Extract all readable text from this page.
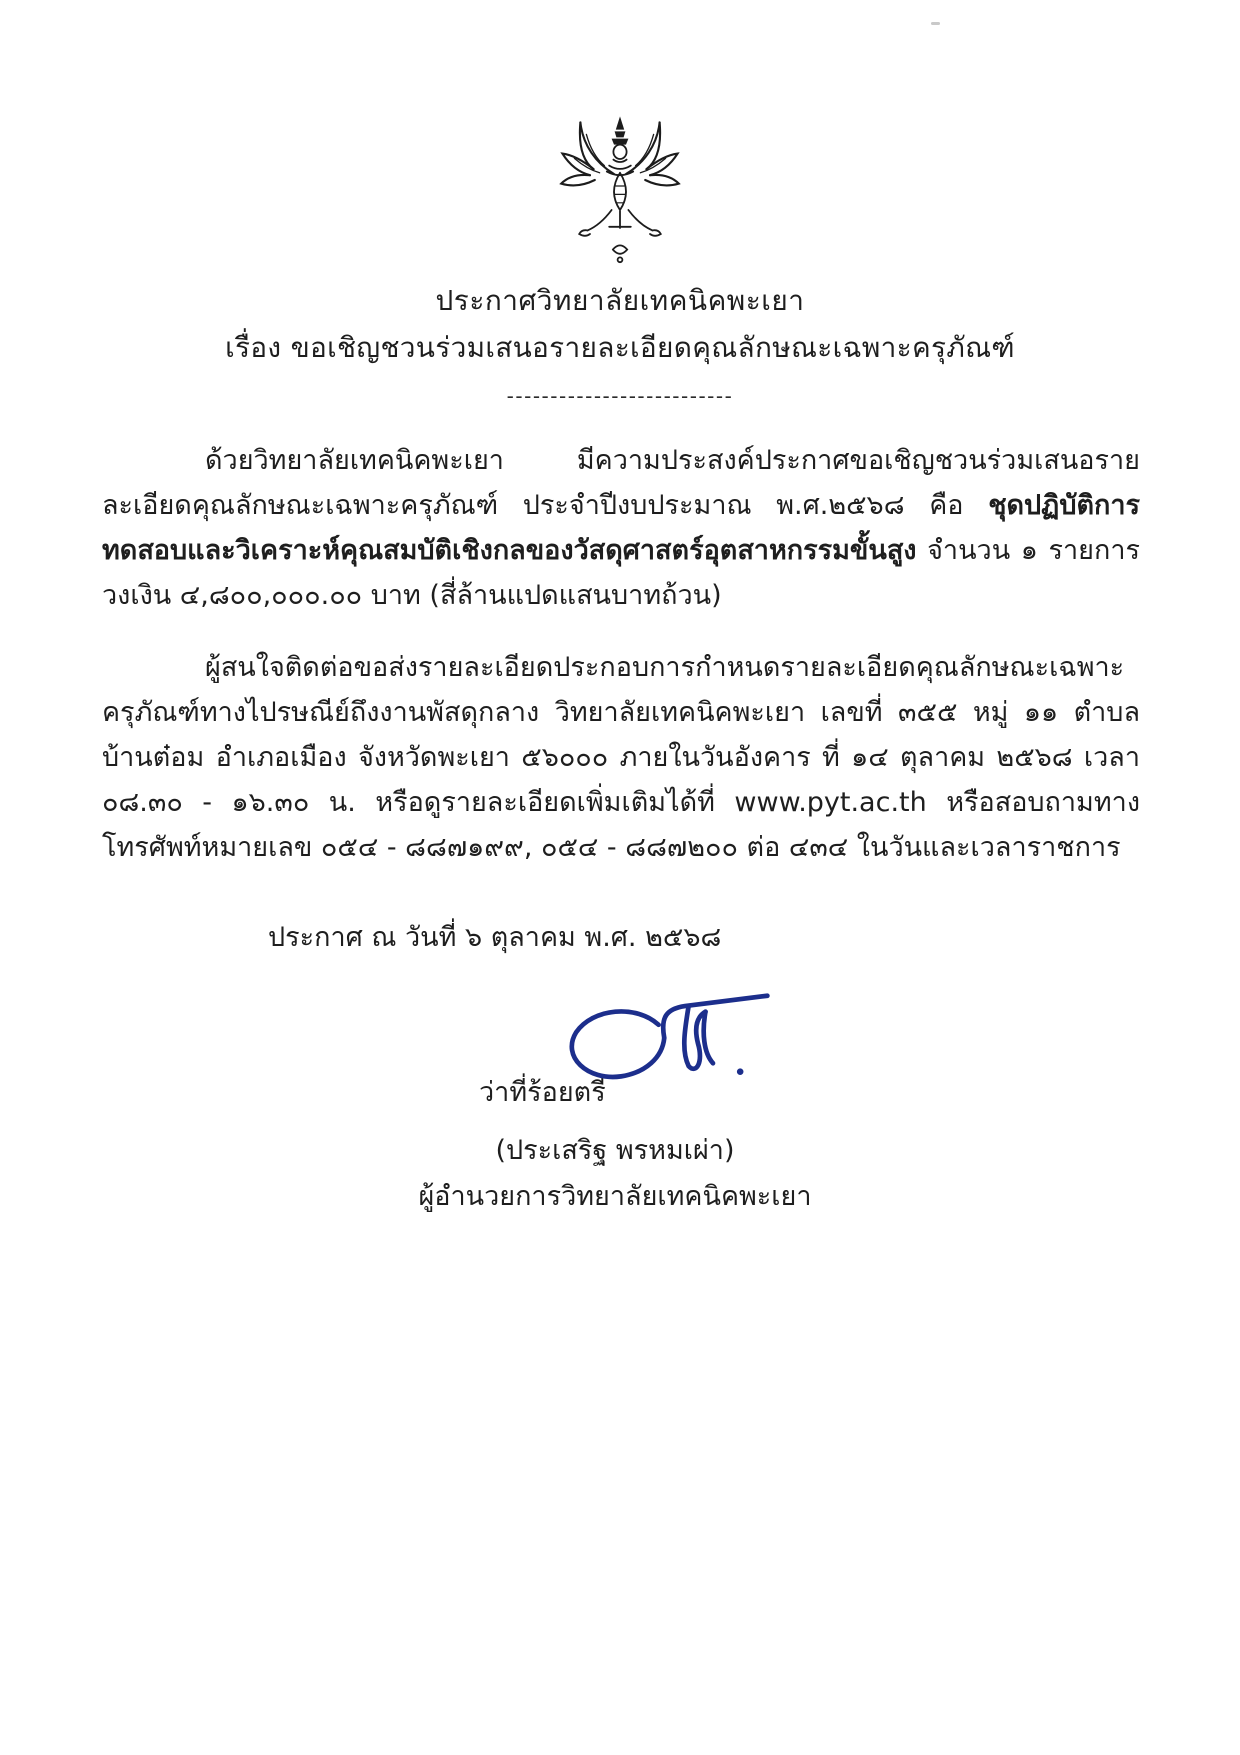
ประกาศวิทยาลัยเทคนิคพะเยา
เรื่อง ขอเชิญชวนร่วมเสนอรายละเอียดคุณลักษณะเฉพาะครุภัณฑ์
--------------------------

ด้วยวิทยาลัยเทคนิคพะเยา มีความประสงค์ประกาศขอเชิญชวนร่วมเสนอรายละเอียดคุณลักษณะเฉพาะครุภัณฑ์ ประจำปีงบประมาณ พ.ศ.๒๕๖๘ คือ ชุดปฏิบัติการทดสอบและวิเคราะห์คุณสมบัติเชิงกลของวัสดุศาสตร์อุตสาหกรรมขั้นสูง จำนวน ๑ รายการ วงเงิน ๔,๘๐๐,๐๐๐.๐๐ บาท (สี่ล้านแปดแสนบาทถ้วน)

ผู้สนใจติดต่อขอส่งรายละเอียดประกอบการกำหนดรายละเอียดคุณลักษณะเฉพาะครุภัณฑ์ทางไปรษณีย์ถึงงานพัสดุกลาง วิทยาลัยเทคนิคพะเยา เลขที่ ๓๕๕ หมู่ ๑๑ ตำบลบ้านต๋อม อำเภอเมือง จังหวัดพะเยา ๕๖๐๐๐ ภายในวันอังคาร ที่ ๑๔ ตุลาคม ๒๕๖๘ เวลา ๐๘.๓๐ - ๑๖.๓๐ น. หรือดูรายละเอียดเพิ่มเติมได้ที่ www.pyt.ac.th หรือสอบถามทางโทรศัพท์หมายเลข ๐๕๔ - ๘๘๗๑๙๙, ๐๕๔ - ๘๘๗๒๐๐ ต่อ ๔๓๔ ในวันและเวลาราชการ

ประกาศ ณ วันที่ ๖ ตุลาคม พ.ศ. ๒๕๖๘
ว่าที่ร้อยตรี
(ประเสริฐ พรหมเผ่า)
ผู้อำนวยการวิทยาลัยเทคนิคพะเยา
